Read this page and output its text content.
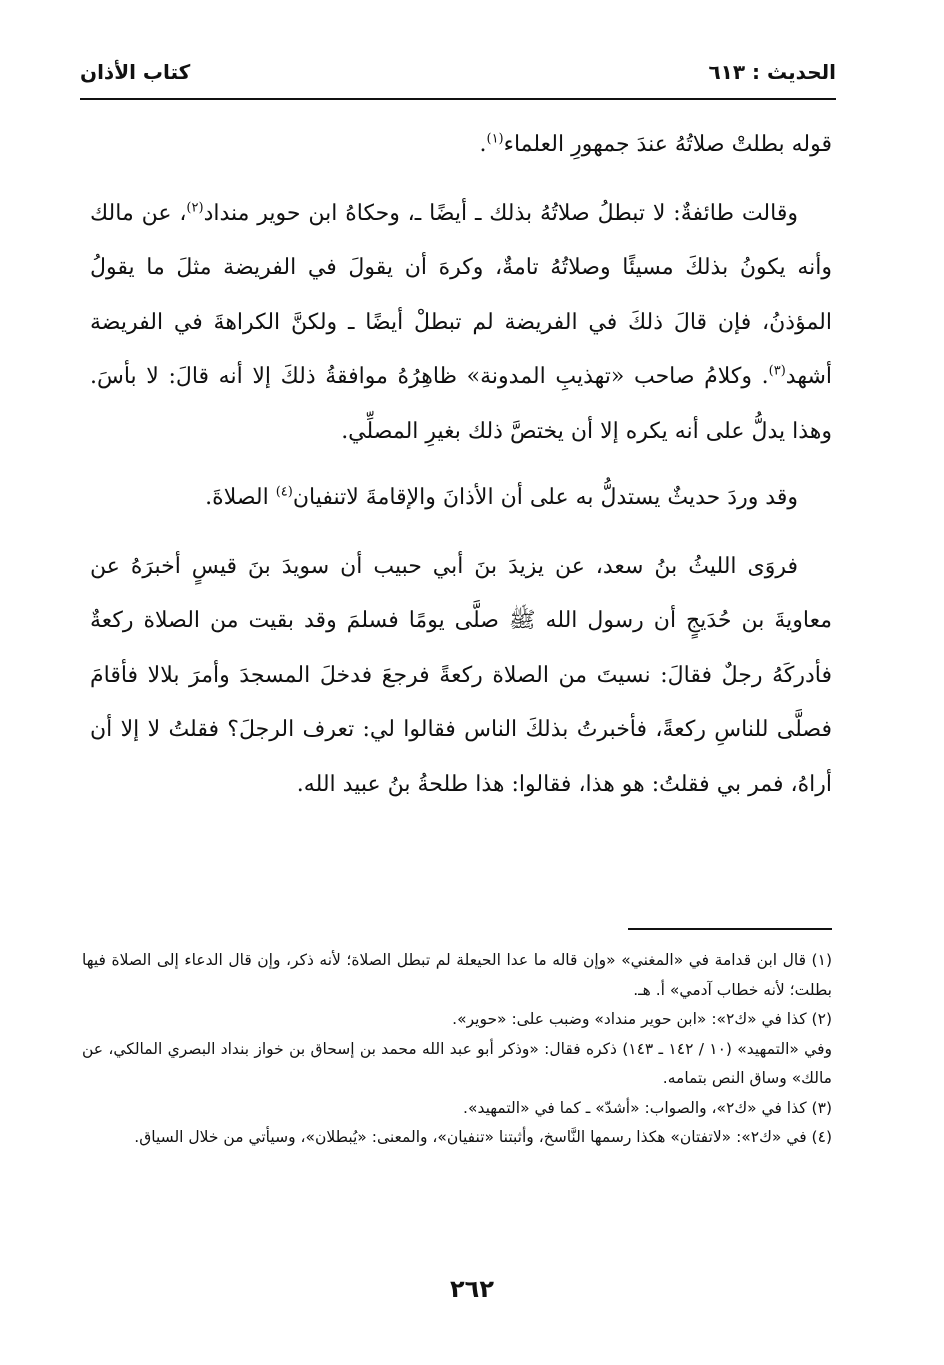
الحديث : ٦١٣
كتاب الأذان

قوله بطلتْ صلاتُهُ عندَ جمهورِ العلماء$^{(١)}$.

وقالت طائفةٌ: لا تبطلُ صلاتُهُ بذلك ـ أيضًا ـ، وحكاهُ ابن حوير منداد$^{(٢)}$، عن مالك وأنه يكونُ بذلكَ مسيئًا وصلاتُهُ تامةٌ، وكرهَ أن يقولَ في الفريضة مثلَ ما يقولُ المؤذنُ، فإن قالَ ذلكَ في الفريضة لم تبطلْ أيضًا ـ ولكنَّ الكراهةَ في الفريضة أشهد$^{(٣)}$. وكلامُ صاحب «تهذيبِ المدونة» ظاهِرُهُ موافقةُ ذلكَ إلا أنه قالَ: لا بأسَ. وهذا يدلُّ على أنه يكره إلا أن يختصَّ ذلك بغيرِ المصلِّي.

وقد وردَ حديثٌ يستدلُّ به على أن الأذانَ والإقامةَ لاتنفيان$^{(٤)}$ الصلاةَ.

فروَى الليثُ بنُ سعد، عن يزيدَ بنَ أبي حبيب أن سويدَ بنَ قيسٍ أخبرَهُ عن معاويةَ بن حُدَيجٍ أن رسول الله ﷺ صلَّى يومًا فسلمَ وقد بقيت من الصلاة ركعةٌ فأدركَهُ رجلٌ فقالَ: نسيتَ من الصلاة ركعةً فرجعَ فدخلَ المسجدَ وأمرَ بلالا فأقامَ فصلَّى للناسِ ركعةً، فأخبرتُ بذلكَ الناس فقالوا لي: تعرف الرجلَ؟ فقلتُ لا إلا أن أراهُ، فمر بي فقلتُ: هو هذا، فقالوا: هذا طلحةُ بنُ عبيد الله.

(١) قال ابن قدامة في «المغني» «وإن قاله ما عدا الحيعلة لم تبطل الصلاة؛ لأنه ذكر، وإن قال الدعاء إلى الصلاة فيها بطلت؛ لأنه خطاب آدمي» أ. هـ.

(٢) كذا في «ك٢»: «ابن حوير منداد» وضبب على: «حوير».

وفي «التمهيد» (١٠ / ١٤٢ ـ ١٤٣) ذكره فقال: «وذكر أبو عبد الله محمد بن إسحاق بن خواز بنداد البصري المالكي، عن مالك» وساق النص بتمامه.

(٣) كذا في «ك٢»، والصواب: «أشدّ» ـ كما في «التمهيد».

(٤) في «ك٢»: «لاتفتان» هكذا رسمها النَّاسخ، وأثبتنا «تنفيان»، والمعنى: «يُبطلان»، وسيأتي من خلال السياق.

٢٦٢
